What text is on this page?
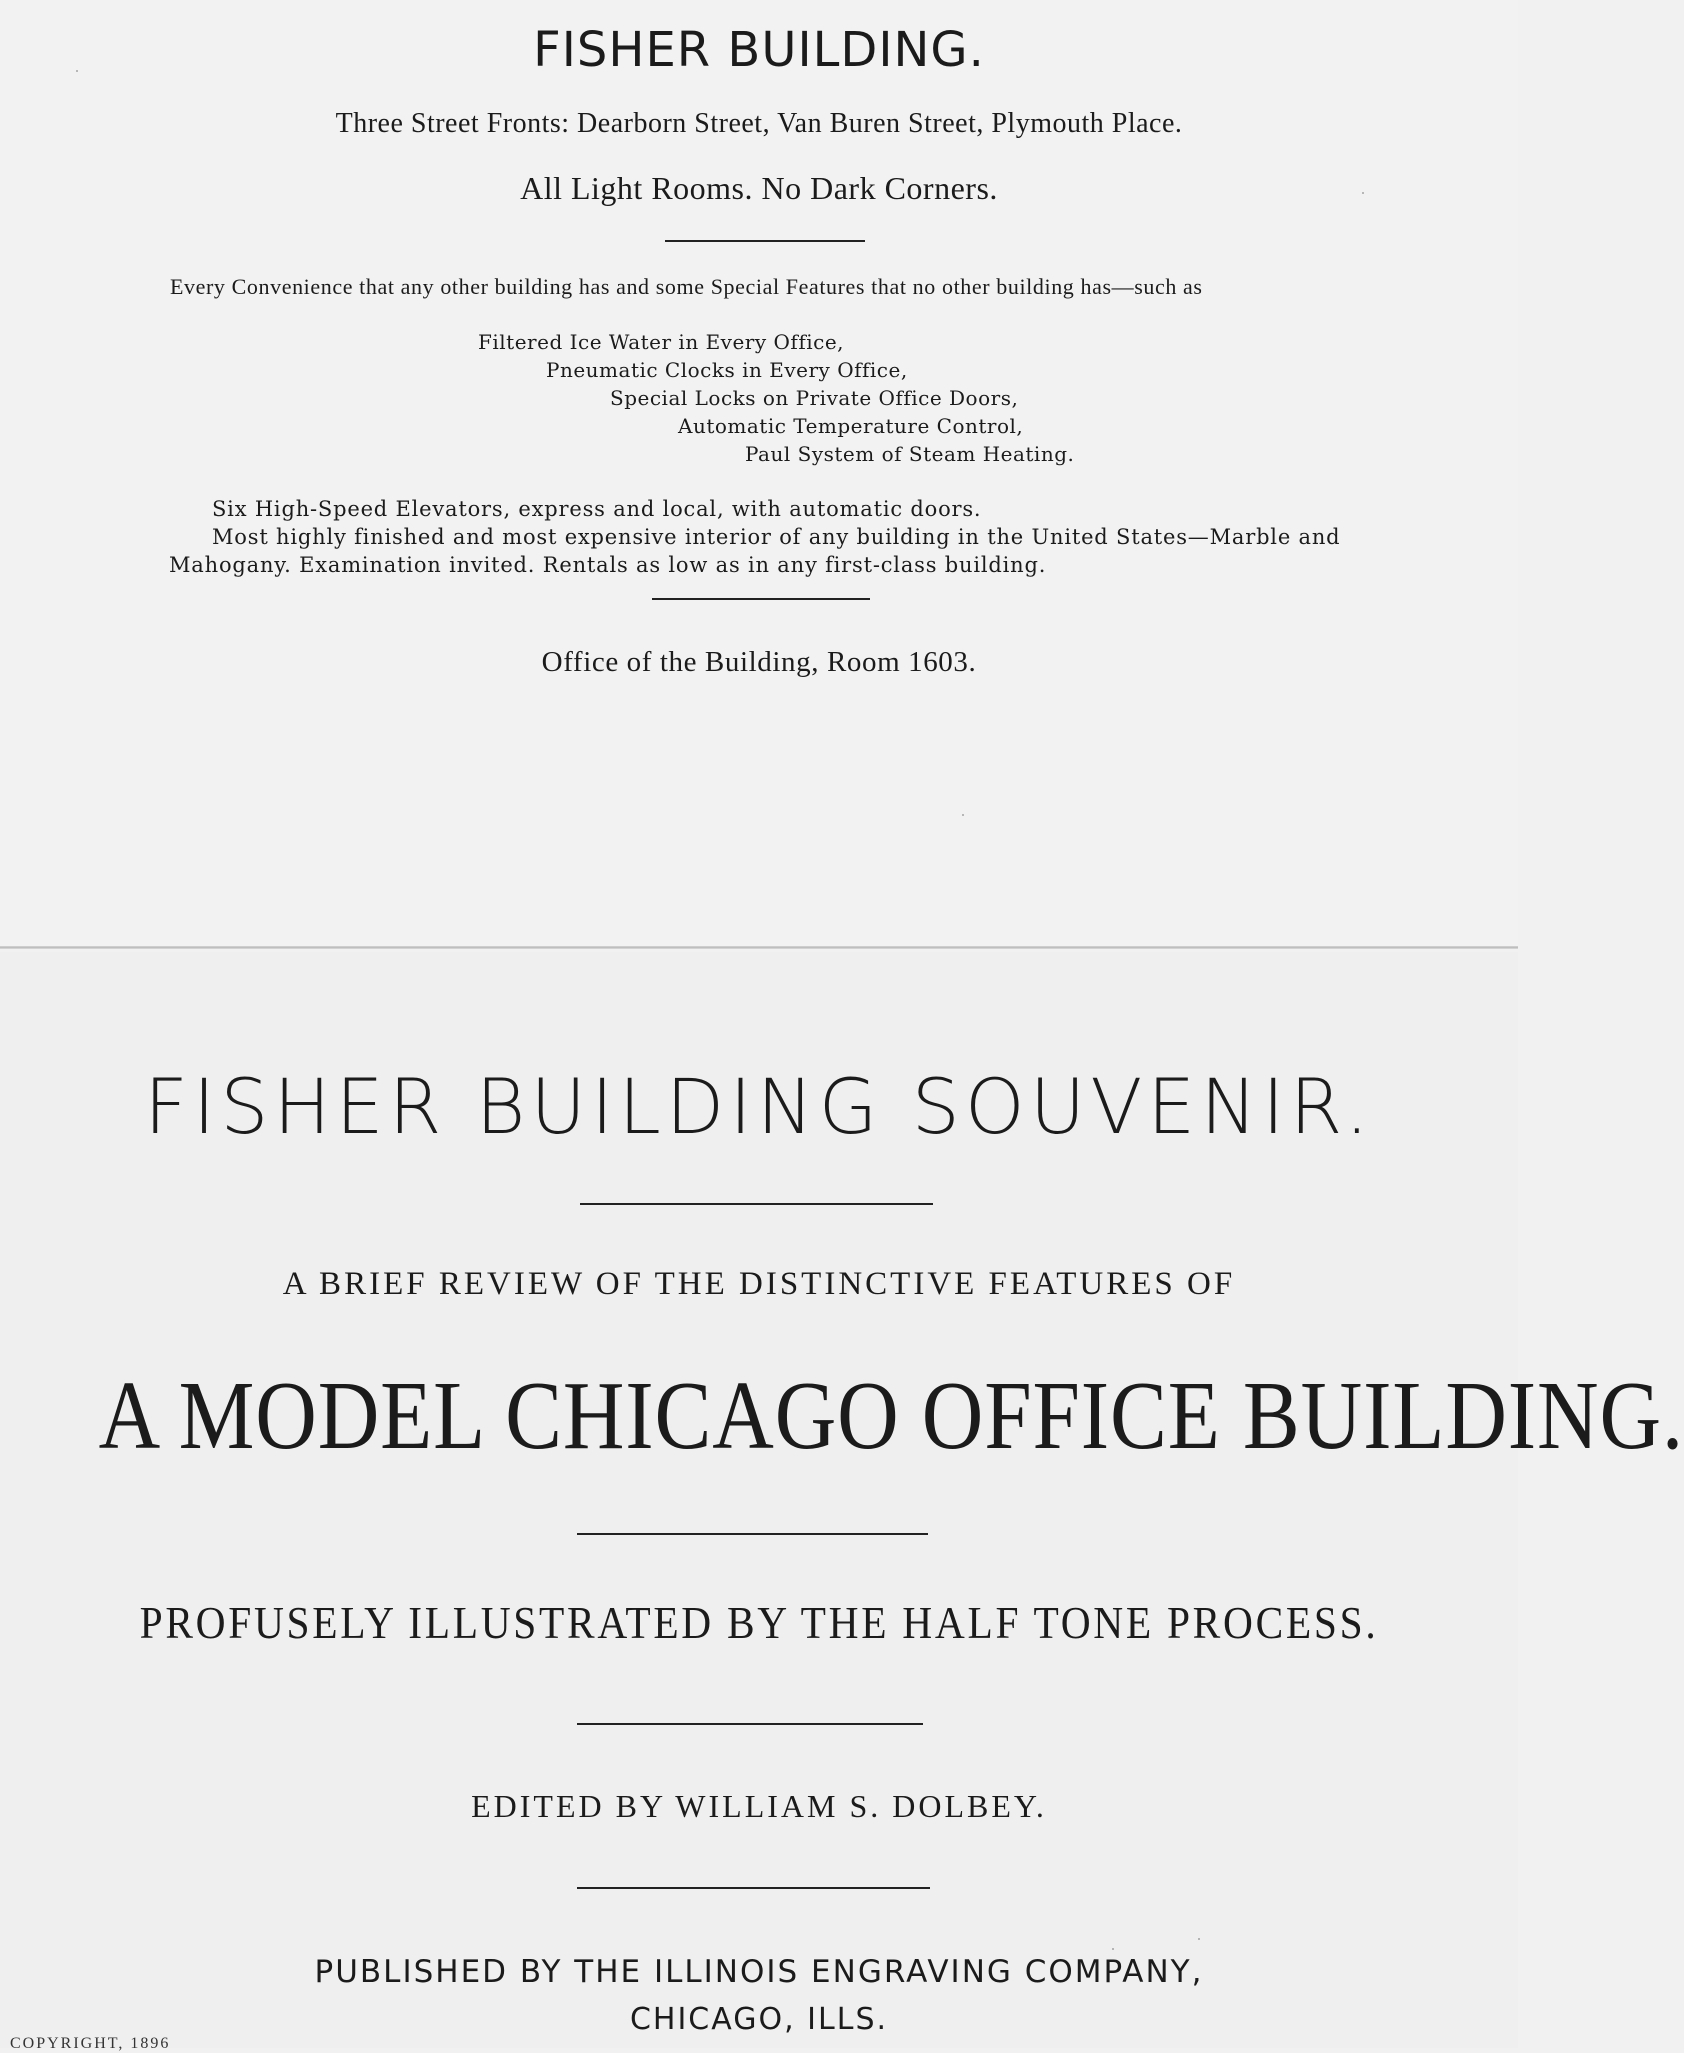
FISHER BUILDING.
Three Street Fronts: Dearborn Street, Van Buren Street, Plymouth Place.
All Light Rooms. No Dark Corners.
Every Convenience that any other building has and some Special Features that no other building has—such as
Filtered Ice Water in Every Office,
Pneumatic Clocks in Every Office,
Special Locks on Private Office Doors,
Automatic Temperature Control,
Paul System of Steam Heating.
Six High-Speed Elevators, express and local, with automatic doors.
Most highly finished and most expensive interior of any building in the United States—Marble and
Mahogany. Examination invited. Rentals as low as in any first-class building.
Office of the Building, Room 1603.
FISHER BUILDING SOUVENIR.
A BRIEF REVIEW OF THE DISTINCTIVE FEATURES OF
A MODEL CHICAGO OFFICE BUILDING.
PROFUSELY ILLUSTRATED BY THE HALF TONE PROCESS.
EDITED BY WILLIAM S. DOLBEY.
PUBLISHED BY THE ILLINOIS ENGRAVING COMPANY,
CHICAGO, ILLS.
COPYRIGHT, 1896
